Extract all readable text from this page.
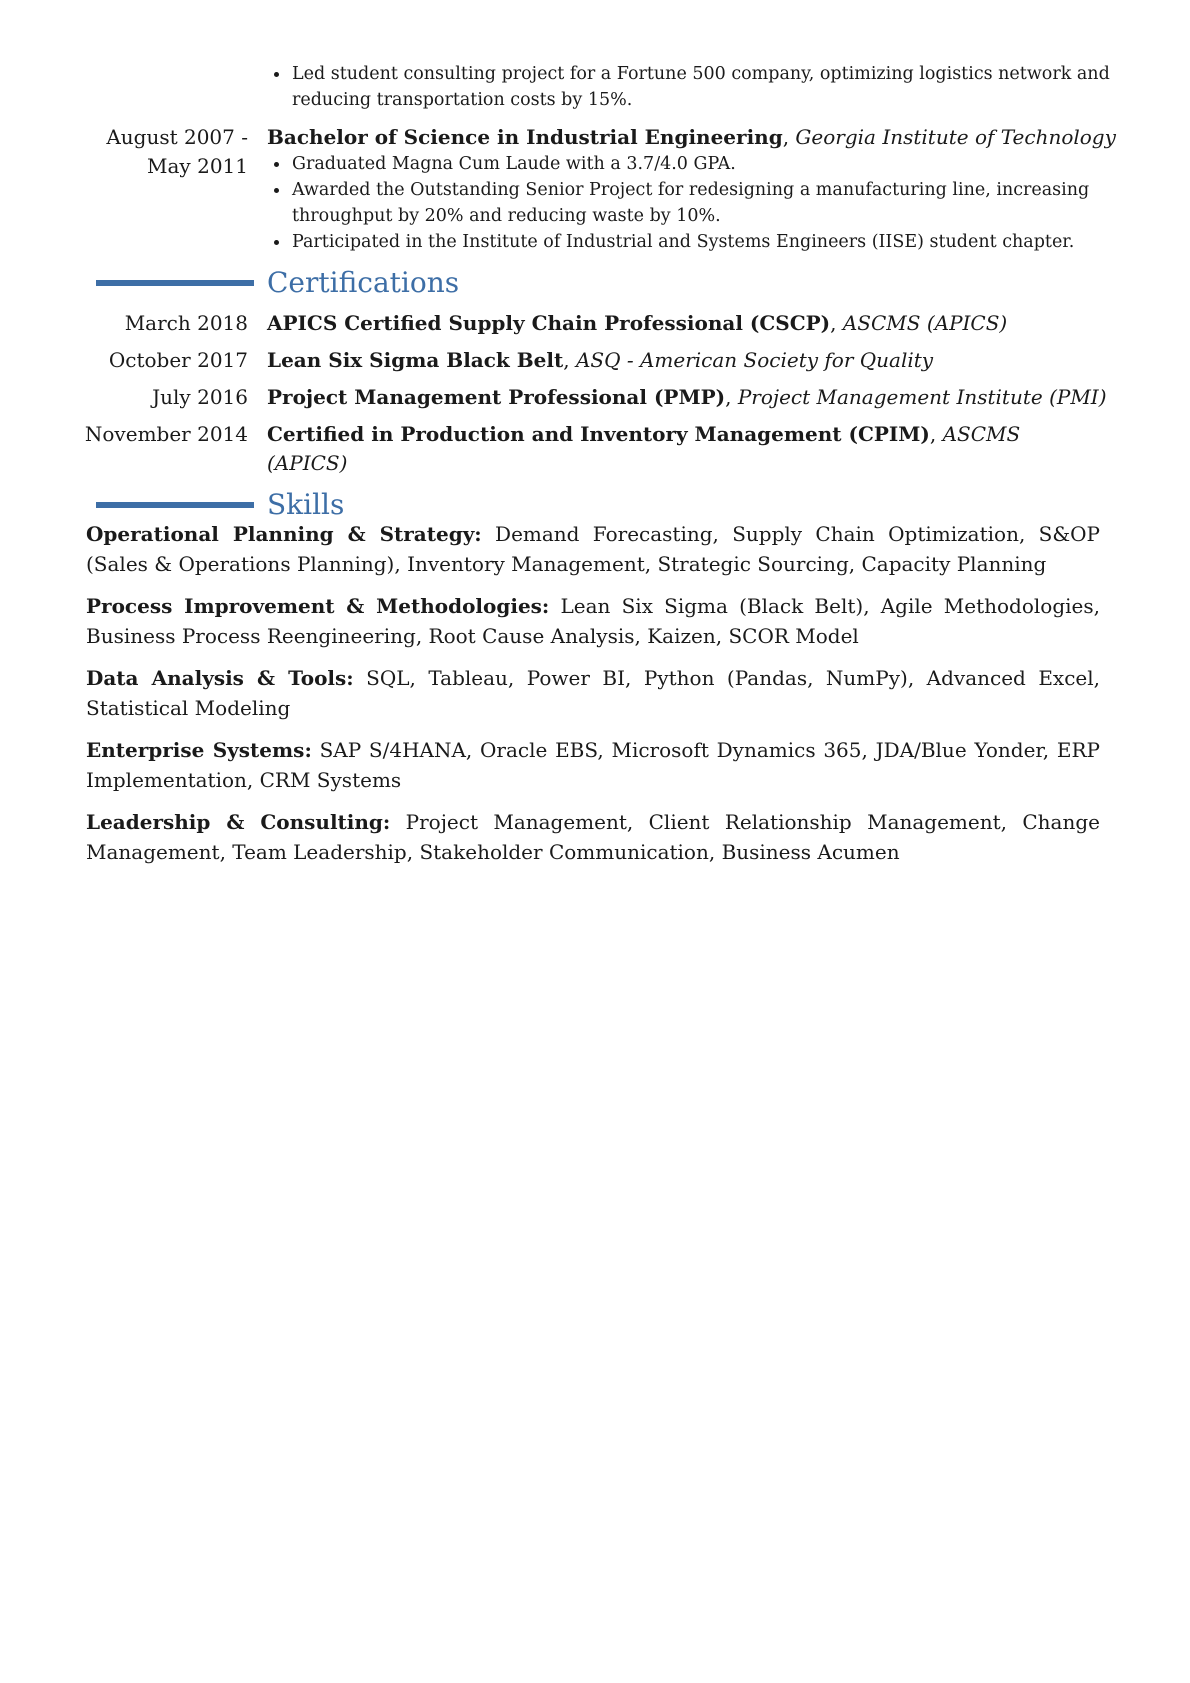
Led student consulting project for a Fortune 500 company, optimizing logistics network and reducing transportation costs by 15%.
August 2007 -
May 2011
Bachelor of Science in Industrial Engineering, Georgia Institute of Technology
Graduated Magna Cum Laude with a 3.7/4.0 GPA.
Awarded the Outstanding Senior Project for redesigning a manufacturing line, increasing throughput by 20% and reducing waste by 10%.
Participated in the Institute of Industrial and Systems Engineers (IISE) student chapter.
Certifications
March 2018 APICS Certified Supply Chain Professional (CSCP), ASCMS (APICS)
October 2017 Lean Six Sigma Black Belt, ASQ - American Society for Quality
July 2016 Project Management Professional (PMP), Project Management Institute (PMI)
November 2014 Certified in Production and Inventory Management (CPIM), ASCMS
(APICS)
Skills

Operational Planning & Strategy: Demand Forecasting, Supply Chain Optimization, S&OP (Sales & Operations Planning), Inventory Management, Strategic Sourcing, Capacity Planning

Process Improvement & Methodologies: Lean Six Sigma (Black Belt), Agile Methodologies, Business Process Reengineering, Root Cause Analysis, Kaizen, SCOR Model

Data Analysis & Tools: SQL, Tableau, Power BI, Python (Pandas, NumPy), Advanced Excel, Statistical Modeling

Enterprise Systems: SAP S/4HANA, Oracle EBS, Microsoft Dynamics 365, JDA/Blue Yonder, ERP Implementation, CRM Systems

Leadership & Consulting: Project Management, Client Relationship Management, Change Management, Team Leadership, Stakeholder Communication, Business Acumen
